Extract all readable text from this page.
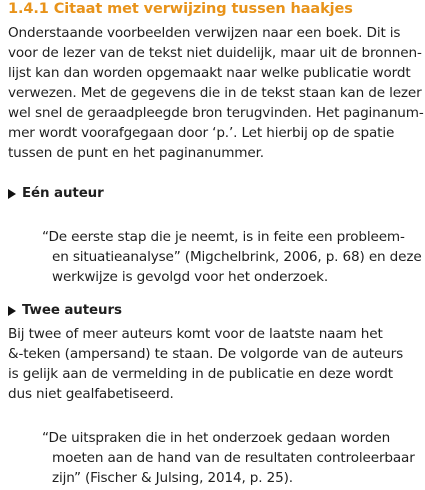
1.4.1 Citaat met verwijzing tussen haakjes
Onderstaande voorbeelden verwijzen naar een boek. Dit is
voor de lezer van de tekst niet duidelijk, maar uit de bronnen-
lijst kan dan worden opgemaakt naar welke publicatie wordt
verwezen. Met de gegevens die in de tekst staan kan de lezer
wel snel de geraadpleegde bron terugvinden. Het paginanum-
mer wordt voorafgegaan door ‘p.’. Let hierbij op de spatie
tussen de punt en het paginanummer.
Eén auteur
“De eerste stap die je neemt, is in feite een probleem-
en situatieanalyse” (Migchelbrink, 2006, p. 68) en deze
werkwijze is gevolgd voor het onderzoek.
Twee auteurs
Bij twee of meer auteurs komt voor de laatste naam het
&-teken (ampersand) te staan. De volgorde van de auteurs
is gelijk aan de vermelding in de publicatie en deze wordt
dus niet gealfabetiseerd.
“De uitspraken die in het onderzoek gedaan worden
moeten aan de hand van de resultaten controleerbaar
zijn” (Fischer & Julsing, 2014, p. 25).
